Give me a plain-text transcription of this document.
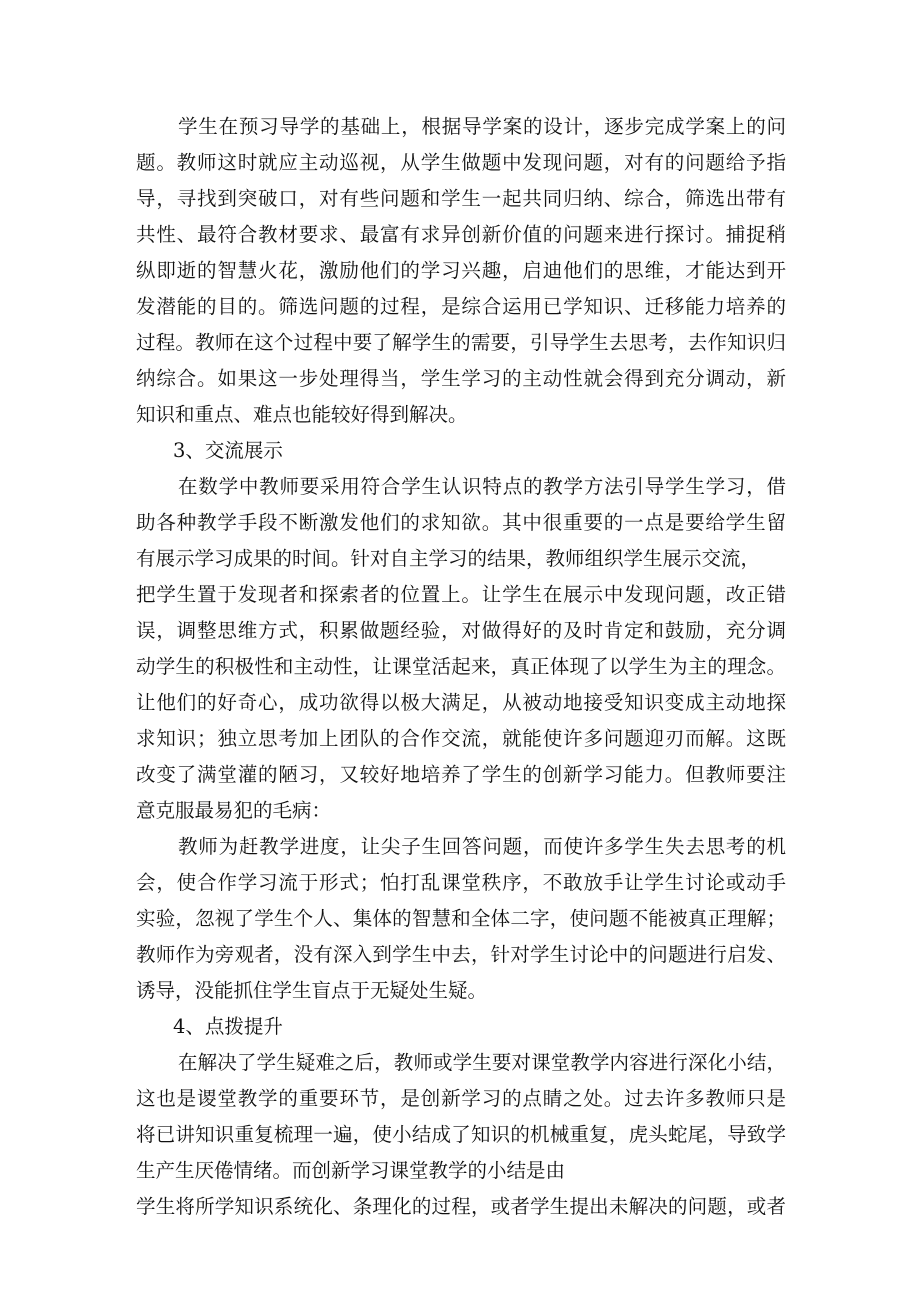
学生在预习导学的基础上，根据导学案的设计，逐步完成学案上的问
题。教师这时就应主动巡视，从学生做题中发现问题，对有的问题给予指
导，寻找到突破口，对有些问题和学生一起共同归纳、综合，筛选出带有
共性、最符合教材要求、最富有求异创新价值的问题来进行探讨。捕捉稍
纵即逝的智慧火花，激励他们的学习兴趣，启迪他们的思维，才能达到开
发潜能的目的。筛选问题的过程，是综合运用已学知识、迁移能力培养的
过程。教师在这个过程中要了解学生的需要，引导学生去思考，去作知识归
纳综合。如果这一步处理得当，学生学习的主动性就会得到充分调动，新
知识和重点、难点也能较好得到解决。
3、交流展示
在数学中教师要采用符合学生认识特点的教学方法引导学生学习，借
助各种教学手段不断激发他们的求知欲。其中很重要的一点是要给学生留
有展示学习成果的时间。针对自主学习的结果，教师组织学生展示交流，
把学生置于发现者和探索者的位置上。让学生在展示中发现问题，改正错
误，调整思维方式，积累做题经验，对做得好的及时肯定和鼓励，充分调
动学生的积极性和主动性，让课堂活起来，真正体现了以学生为主的理念。
让他们的好奇心，成功欲得以极大满足，从被动地接受知识变成主动地探
求知识；独立思考加上团队的合作交流，就能使许多问题迎刃而解。这既
改变了满堂灌的陋习，又较好地培养了学生的创新学习能力。但教师要注
意克服最易犯的毛病：
教师为赶教学进度，让尖子生回答问题，而使许多学生失去思考的机
会，使合作学习流于形式；怕打乱课堂秩序，不敢放手让学生讨论或动手
实验，忽视了学生个人、集体的智慧和全体二字，使问题不能被真正理解；
教师作为旁观者，没有深入到学生中去，针对学生讨论中的问题进行启发、
诱导，没能抓住学生盲点于无疑处生疑。
4、点拨提升
在解决了学生疑难之后，教师或学生要对课堂教学内容进行深化小结，
这也是谡堂教学的重要环节，是创新学习的点睛之处。过去许多教师只是
将已讲知识重复梳理一遍，使小结成了知识的机械重复，虎头蛇尾，导致学
生产生厌倦情绪。而创新学习课堂教学的小结是由
学生将所学知识系统化、条理化的过程，或者学生提出未解决的问题，或者
